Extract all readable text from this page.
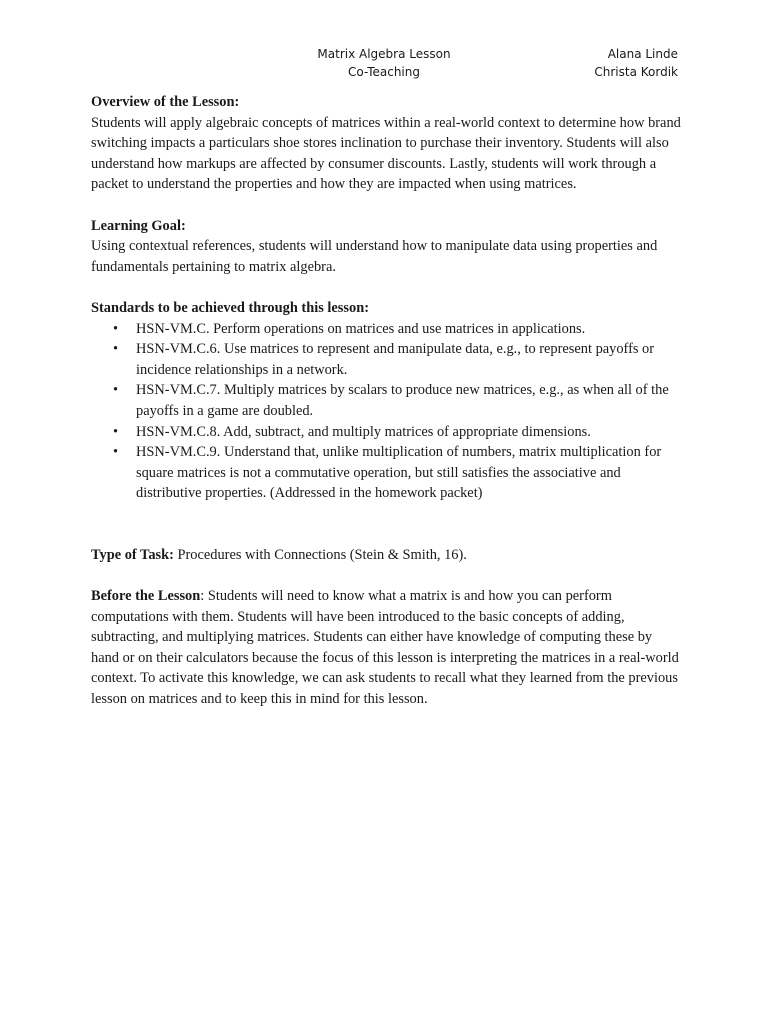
Matrix Algebra Lesson
Co-Teaching
Alana Linde
Christa Kordik

Overview of the Lesson:

Students will apply algebraic concepts of matrices within a real-world context to determine how brand switching impacts a particulars shoe stores inclination to purchase their inventory. Students will also understand how markups are affected by consumer discounts. Lastly, students will work through a packet to understand the properties and how they are impacted when using matrices.

Learning Goal:

Using contextual references, students will understand how to manipulate data using properties and fundamentals pertaining to matrix algebra.

Standards to be achieved through this lesson:

• HSN-VM.C. Perform operations on matrices and use matrices in applications.
• HSN-VM.C.6. Use matrices to represent and manipulate data, e.g., to represent payoffs or incidence relationships in a network.
• HSN-VM.C.7. Multiply matrices by scalars to produce new matrices, e.g., as when all of the payoffs in a game are doubled.
• HSN-VM.C.8. Add, subtract, and multiply matrices of appropriate dimensions.
• HSN-VM.C.9. Understand that, unlike multiplication of numbers, matrix multiplication for square matrices is not a commutative operation, but still satisfies the associative and distributive properties. (Addressed in the homework packet)

Type of Task: Procedures with Connections (Stein & Smith, 16).

Before the Lesson: Students will need to know what a matrix is and how you can perform computations with them. Students will have been introduced to the basic concepts of adding, subtracting, and multiplying matrices. Students can either have knowledge of computing these by hand or on their calculators because the focus of this lesson is interpreting the matrices in a real-world context. To activate this knowledge, we can ask students to recall what they learned from the previous lesson on matrices and to keep this in mind for this lesson.
